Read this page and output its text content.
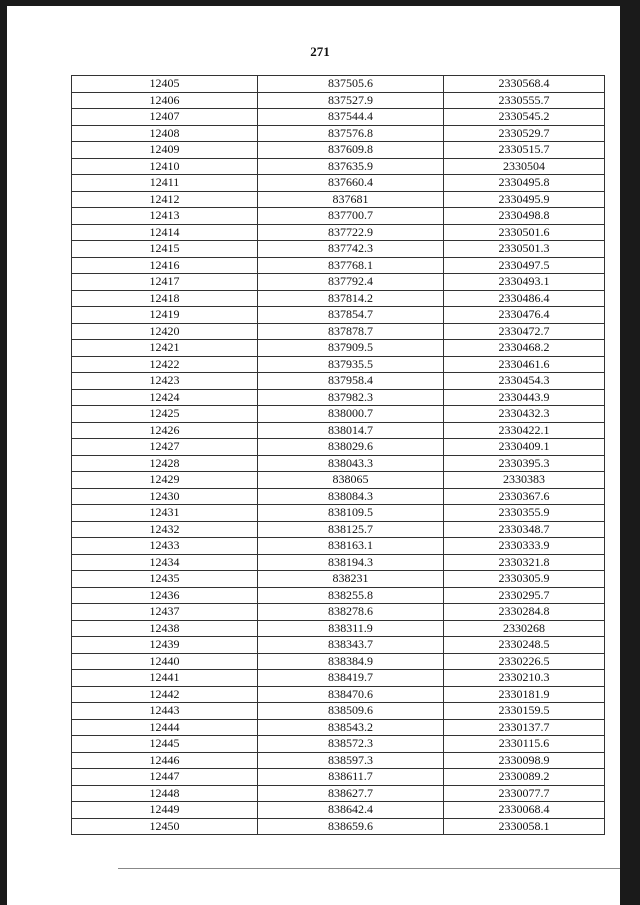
271
12405	837505.6	2330568.4
12406	837527.9	2330555.7
12407	837544.4	2330545.2
12408	837576.8	2330529.7
12409	837609.8	2330515.7
12410	837635.9	2330504
12411	837660.4	2330495.8
12412	837681	2330495.9
12413	837700.7	2330498.8
12414	837722.9	2330501.6
12415	837742.3	2330501.3
12416	837768.1	2330497.5
12417	837792.4	2330493.1
12418	837814.2	2330486.4
12419	837854.7	2330476.4
12420	837878.7	2330472.7
12421	837909.5	2330468.2
12422	837935.5	2330461.6
12423	837958.4	2330454.3
12424	837982.3	2330443.9
12425	838000.7	2330432.3
12426	838014.7	2330422.1
12427	838029.6	2330409.1
12428	838043.3	2330395.3
12429	838065	2330383
12430	838084.3	2330367.6
12431	838109.5	2330355.9
12432	838125.7	2330348.7
12433	838163.1	2330333.9
12434	838194.3	2330321.8
12435	838231	2330305.9
12436	838255.8	2330295.7
12437	838278.6	2330284.8
12438	838311.9	2330268
12439	838343.7	2330248.5
12440	838384.9	2330226.5
12441	838419.7	2330210.3
12442	838470.6	2330181.9
12443	838509.6	2330159.5
12444	838543.2	2330137.7
12445	838572.3	2330115.6
12446	838597.3	2330098.9
12447	838611.7	2330089.2
12448	838627.7	2330077.7
12449	838642.4	2330068.4
12450	838659.6	2330058.1
